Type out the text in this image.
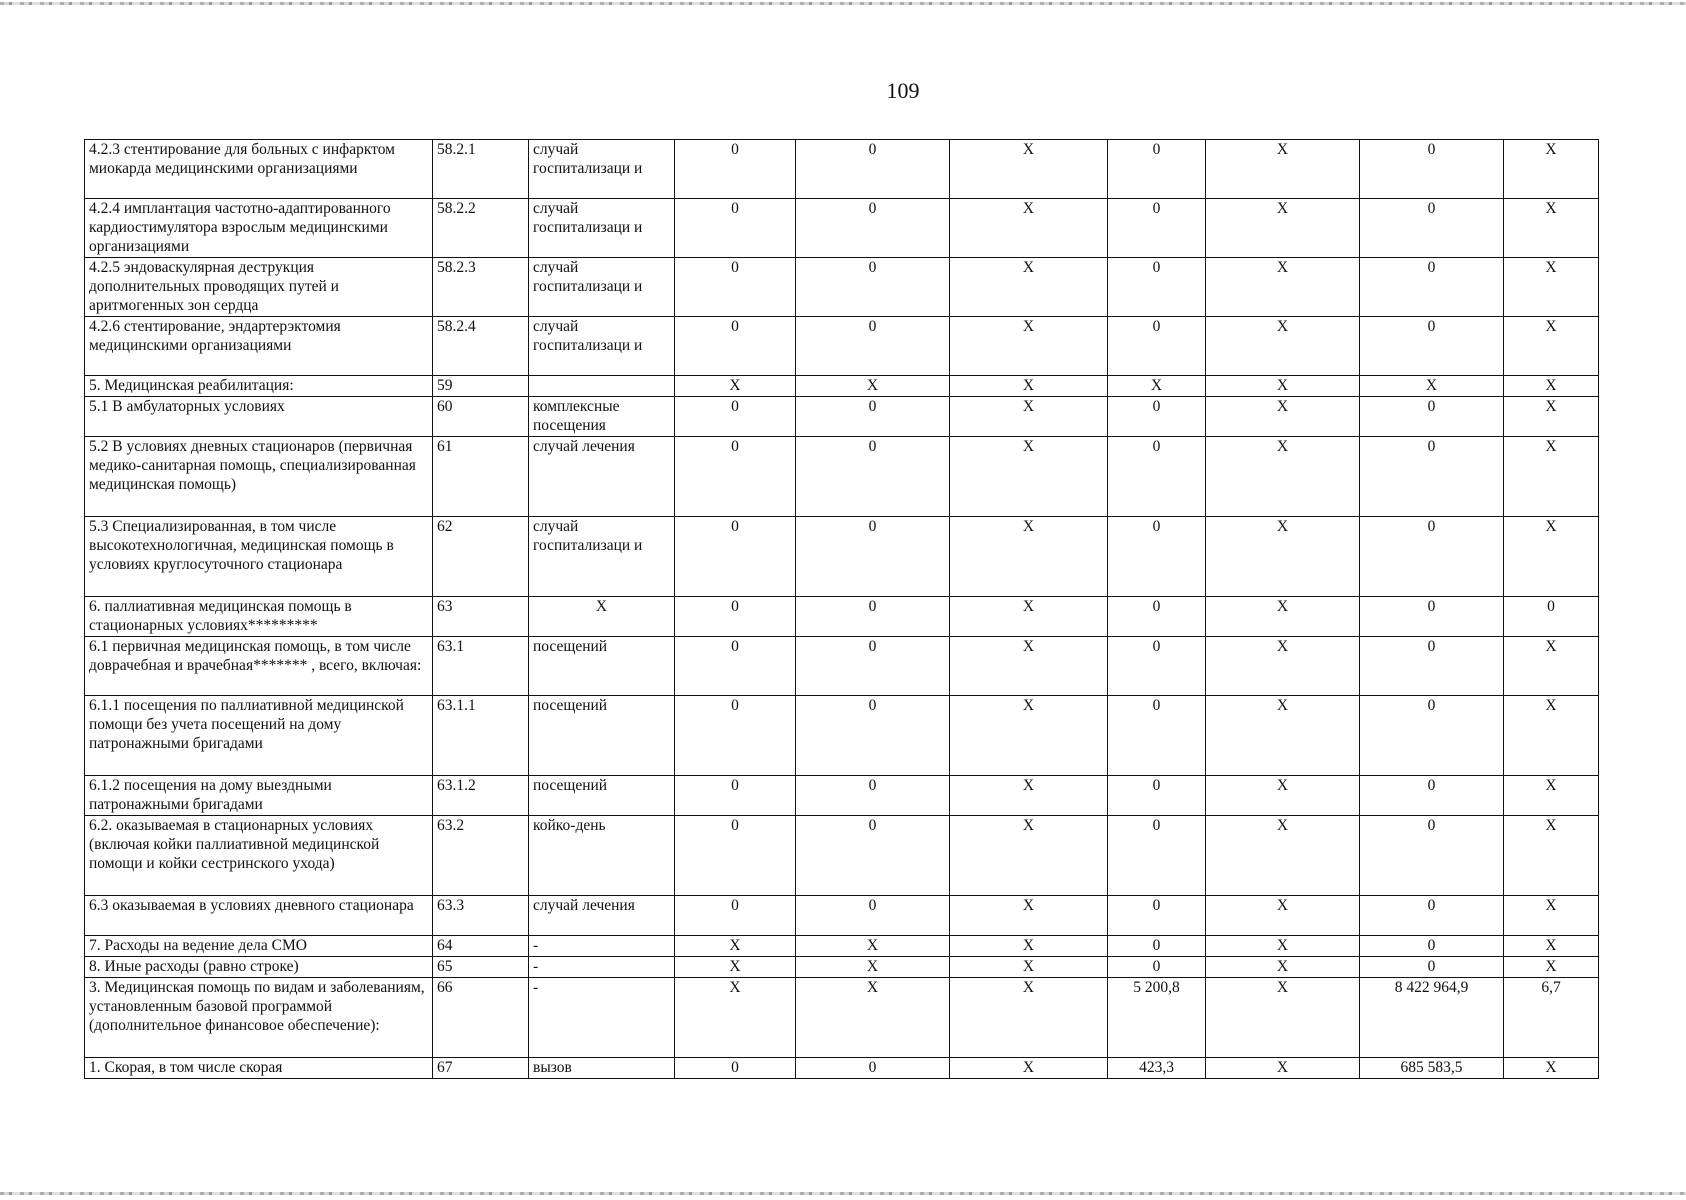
109
4.2.3 стентирование для больных с инфарктом миокарда медицинскими организациями	58.2.1	случай госпитализаци и	0	0	X	0	X	0	X
4.2.4 имплантация частотно-адаптированного кардиостимулятора взрослым медицинскими организациями	58.2.2	случай госпитализаци и	0	0	X	0	X	0	X
4.2.5 эндоваскулярная деструкция дополнительных проводящих путей и аритмогенных зон сердца	58.2.3	случай госпитализаци и	0	0	X	0	X	0	X
4.2.6 стентирование, эндартерэктомия медицинскими организациями	58.2.4	случай госпитализаци и	0	0	X	0	X	0	X
5. Медицинская реабилитация:	59		X	X	X	X	X	X	X
5.1 В амбулаторных условиях	60	комплексные посещения	0	0	X	0	X	0	X
5.2 В условиях дневных стационаров (первичная медико-санитарная помощь, специализированная медицинская помощь)	61	случай лечения	0	0	X	0	X	0	X
5.3 Специализированная, в том числе высокотехнологичная, медицинская помощь в условиях круглосуточного стационара	62	случай госпитализаци и	0	0	X	0	X	0	X
6. паллиативная медицинская помощь в стационарных условиях*********	63	X	0	0	X	0	X	0	0
6.1 первичная медицинская помощь, в том числе доврачебная и врачебная******* , всего, включая:	63.1	посещений	0	0	X	0	X	0	X
6.1.1 посещения по паллиативной медицинской помощи без учета посещений на дому патронажными бригадами	63.1.1	посещений	0	0	X	0	X	0	X
6.1.2 посещения на дому выездными патронажными бригадами	63.1.2	посещений	0	0	X	0	X	0	X
6.2. оказываемая в стационарных условиях (включая койки паллиативной медицинской помощи и койки сестринского ухода)	63.2	койко-день	0	0	X	0	X	0	X
6.3 оказываемая в условиях дневного стационара	63.3	случай лечения	0	0	X	0	X	0	X
7. Расходы на ведение дела СМО	64	-	X	X	X	0	X	0	X
8. Иные расходы (равно строке)	65	-	X	X	X	0	X	0	X
3. Медицинская помощь по видам и заболеваниям, установленным базовой программой (дополнительное финансовое обеспечение):	66	-	X	X	X	5 200,8	X	8 422 964,9	6,7
1. Скорая, в том числе скорая	67	вызов	0	0	X	423,3	X	685 583,5	X
